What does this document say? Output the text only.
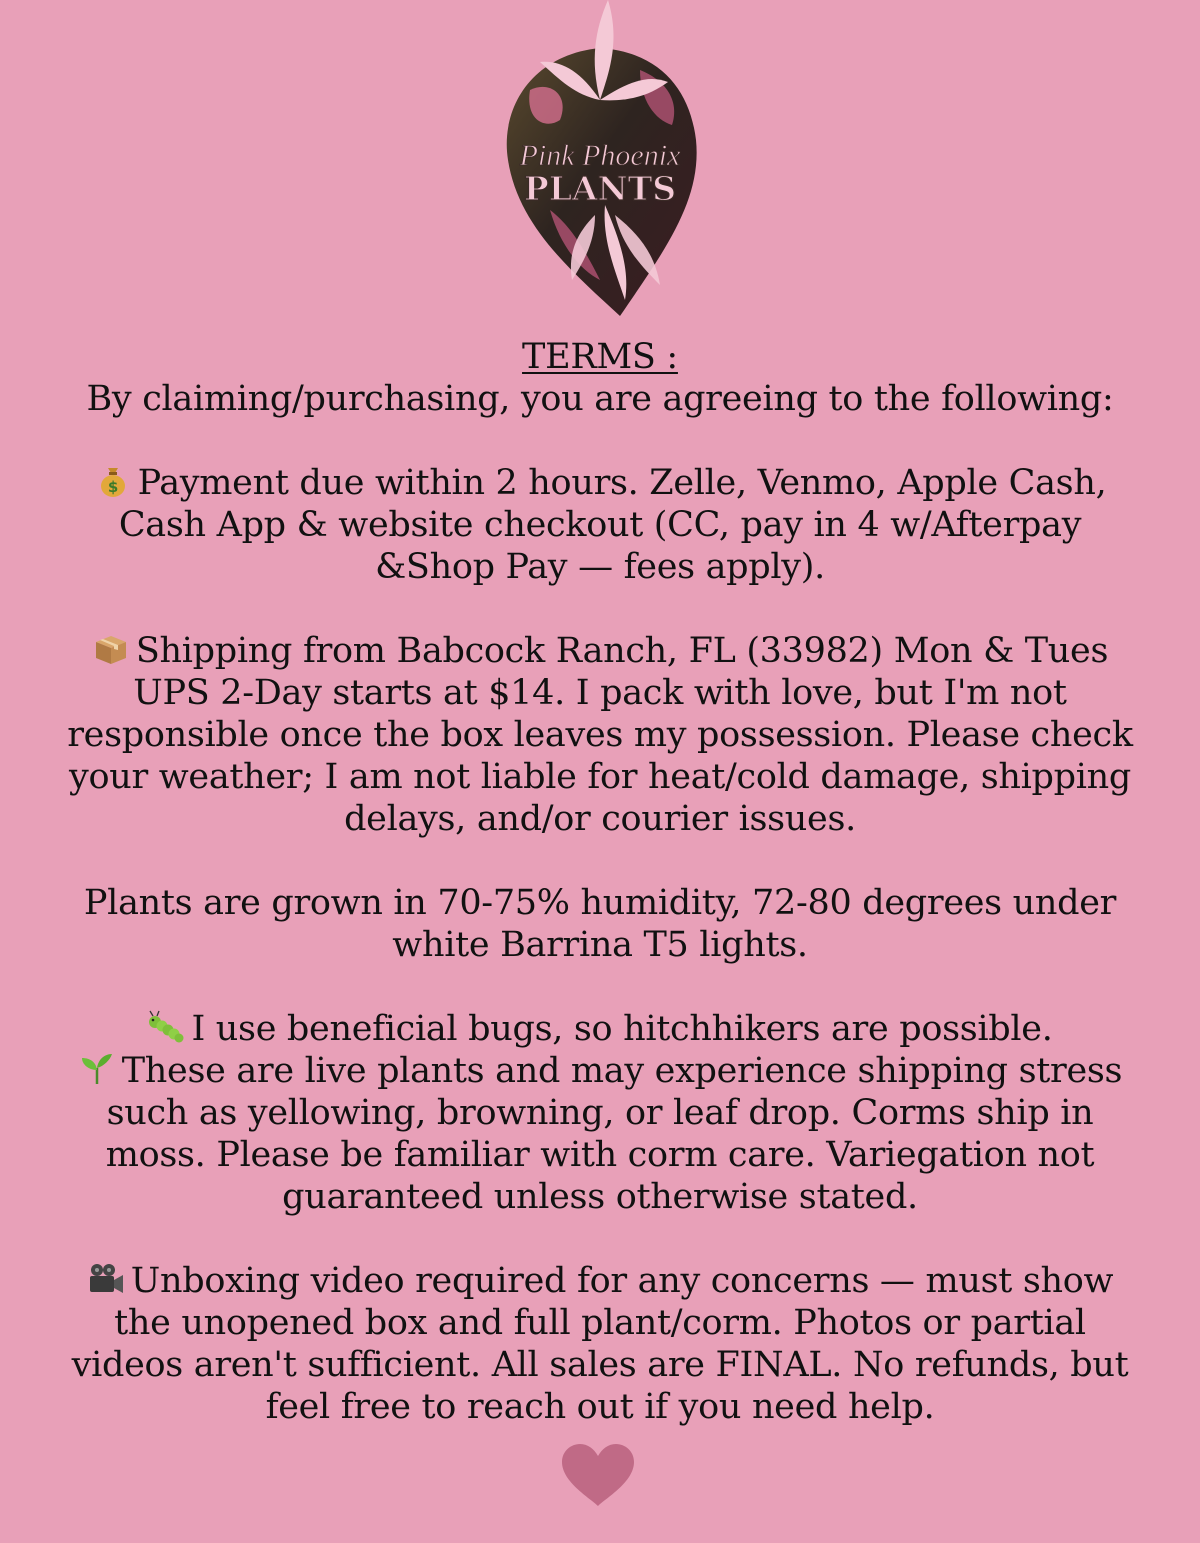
Pink Phoenix
PLANTS
TERMS :
By claiming/purchasing, you are agreeing to the following:
$ Payment due within 2 hours. Zelle, Venmo, Apple Cash,
Cash App & website checkout (CC, pay in 4 w/Afterpay
&Shop Pay — fees apply).
Shipping from Babcock Ranch, FL (33982) Mon & Tues
UPS 2-Day starts at $14. I pack with love, but I'm not
responsible once the box leaves my possession. Please check
your weather; I am not liable for heat/cold damage, shipping
delays, and/or courier issues.
Plants are grown in 70-75% humidity, 72-80 degrees under
white Barrina T5 lights.
I use beneficial bugs, so hitchhikers are possible.
These are live plants and may experience shipping stress
such as yellowing, browning, or leaf drop. Corms ship in
moss. Please be familiar with corm care. Variegation not
guaranteed unless otherwise stated.
Unboxing video required for any concerns — must show
the unopened box and full plant/corm. Photos or partial
videos aren't sufficient. All sales are FINAL. No refunds, but
feel free to reach out if you need help.
